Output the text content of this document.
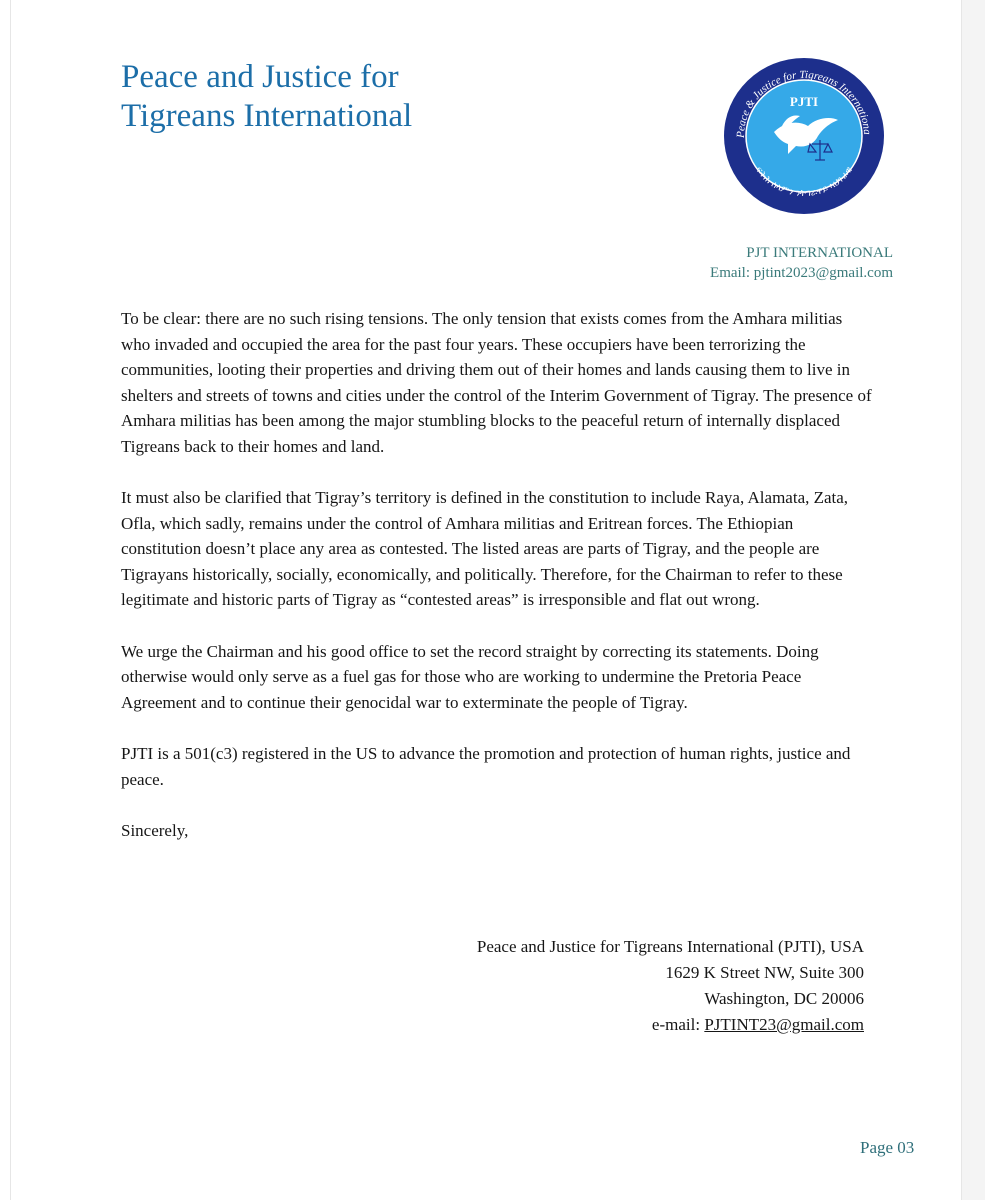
Peace and Justice for
Tigreans International
Peace & Justice for Tigreans Internationa
ፍትሕ ሰላምን ንትግራዋይ ኣህጉራዊ
PJTI
PJT INTERNATIONAL
Email: pjtint2023@gmail.com

To be clear: there are no such rising tensions. The only tension that exists comes from the Amhara militias who invaded and occupied the area for the past four years. These occupiers have been terrorizing the communities, looting their properties and driving them out of their homes and lands causing them to live in shelters and streets of towns and cities under the control of the Interim Government of Tigray. The presence of Amhara militias has been among the major stumbling blocks to the peaceful return of internally displaced Tigreans back to their homes and land.

It must also be clarified that Tigray’s territory is defined in the constitution to include Raya, Alamata, Zata, Ofla, which sadly, remains under the control of Amhara militias and Eritrean forces. The Ethiopian constitution doesn’t place any area as contested. The listed areas are parts of Tigray, and the people are Tigrayans historically, socially, economically, and politically. Therefore, for the Chairman to refer to these legitimate and historic parts of Tigray as “contested areas” is irresponsible and flat out wrong.

We urge the Chairman and his good office to set the record straight by correcting its statements. Doing otherwise would only serve as a fuel gas for those who are working to undermine the Pretoria Peace Agreement and to continue their genocidal war to exterminate the people of Tigray.

PJTI is a 501(c3) registered in the US to advance the promotion and protection of human rights, justice and peace.

Sincerely,

Peace and Justice for Tigreans International (PJTI), USA
1629 K Street NW, Suite 300
Washington, DC 20006
e-mail: PJTINT23@gmail.com
Page 03
